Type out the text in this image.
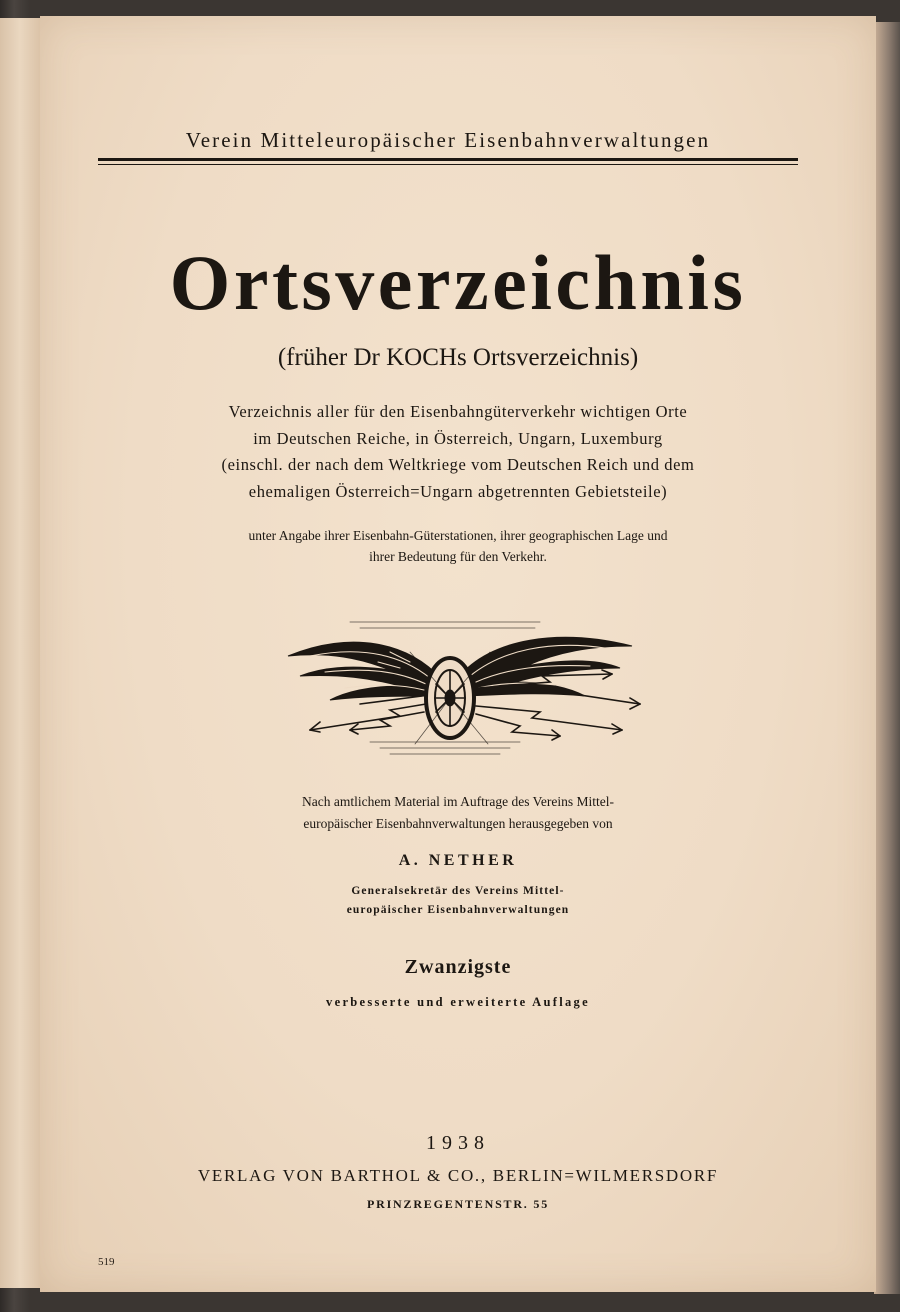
Verein Mitteleuropäischer Eisenbahnverwaltungen
Ortsverzeichnis
(früher Dr KOCHs Ortsverzeichnis)
Verzeichnis aller für den Eisenbahngüterverkehr wichtigen Orte
im Deutschen Reiche, in Österreich, Ungarn, Luxemburg
(einschl. der nach dem Weltkriege vom Deutschen Reich und dem
ehemaligen Österreich=Ungarn abgetrennten Gebietsteile)
unter Angabe ihrer Eisenbahn-Güterstationen, ihrer geographischen Lage und
ihrer Bedeutung für den Verkehr.
Nach amtlichem Material im Auftrage des Vereins Mittel-
europäischer Eisenbahnverwaltungen herausgegeben von
A. NETHER
Generalsekretär des Vereins Mittel-
europäischer Eisenbahnverwaltungen
Zwanzigste
verbesserte und erweiterte Auflage
1938
VERLAG VON BARTHOL & CO., BERLIN=WILMERSDORF
PRINZREGENTENSTR. 55
519
